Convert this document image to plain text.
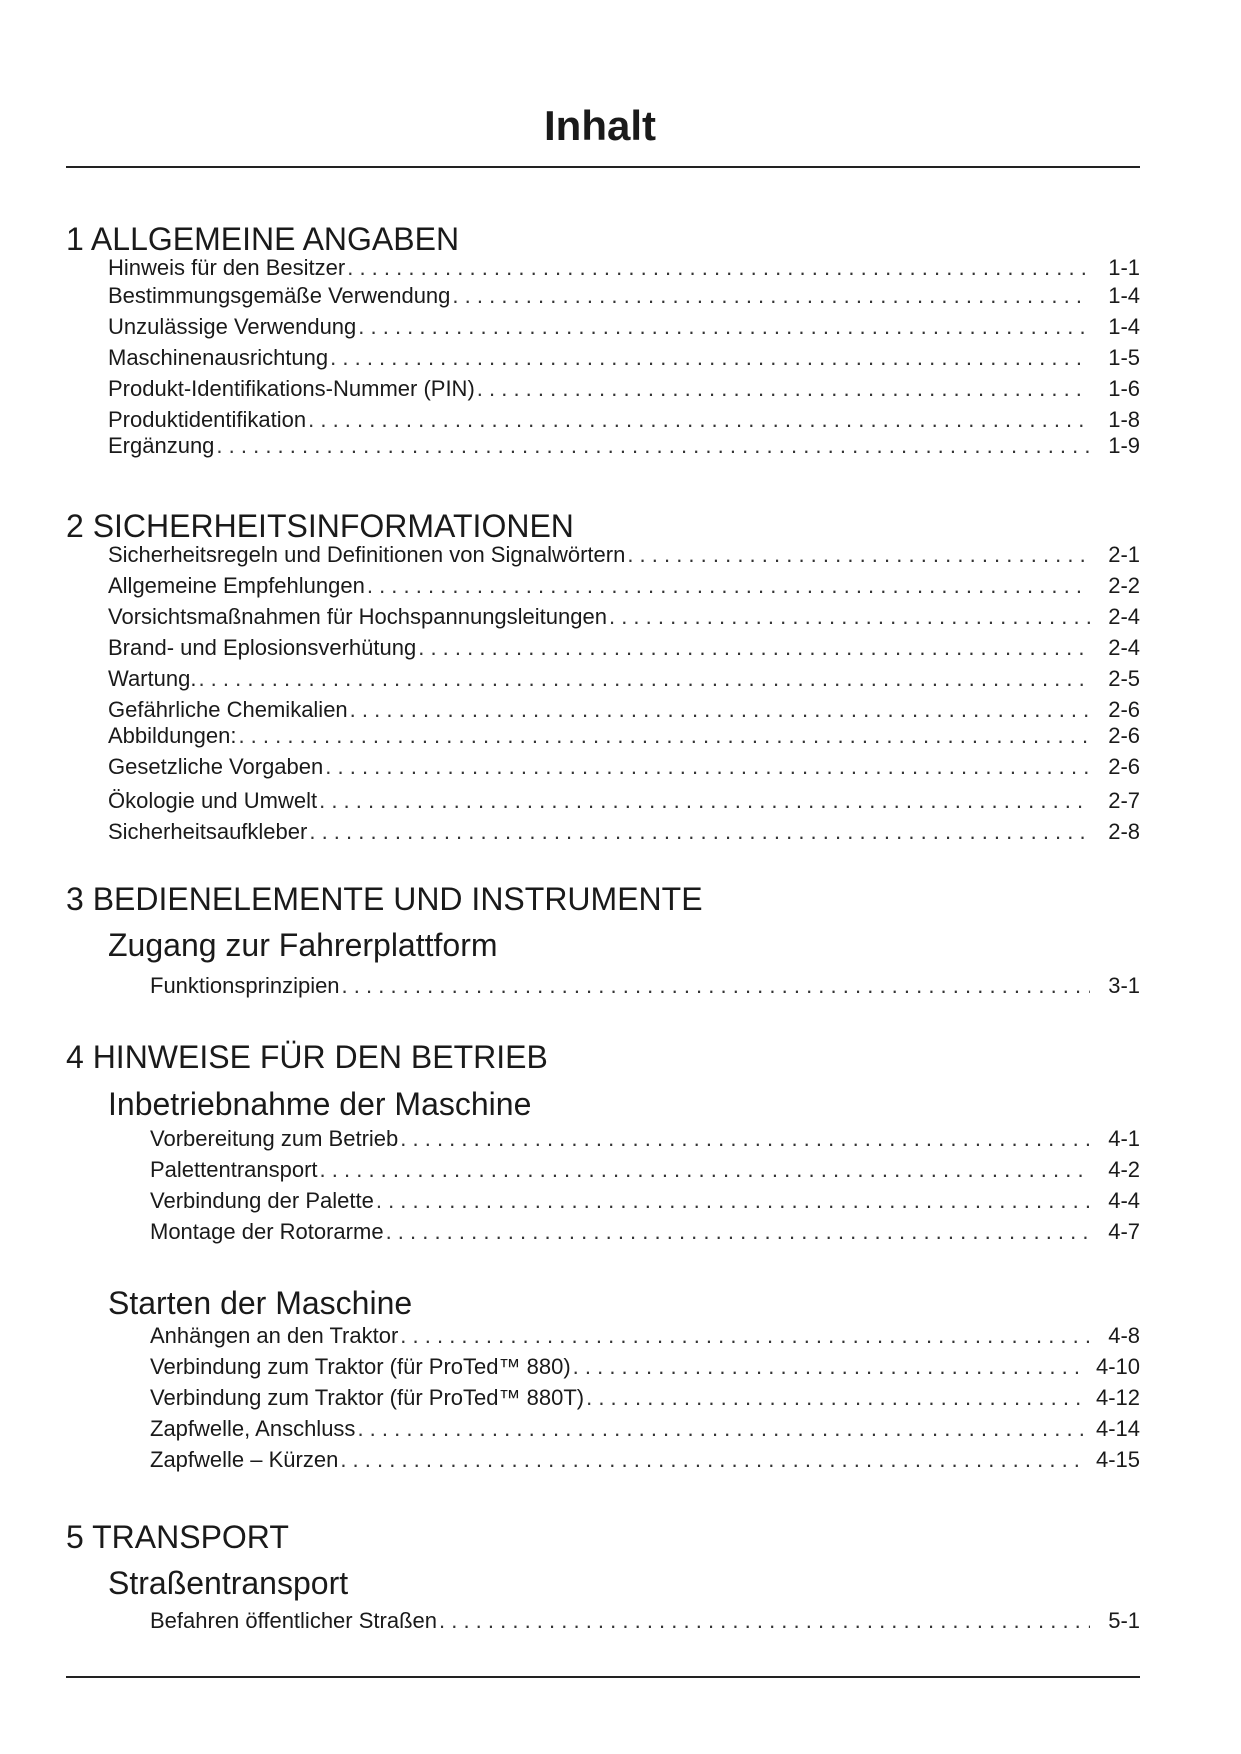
Inhalt
1 ALLGEMEINE ANGABEN
Hinweis für den Besitzer . . .	1-1
Bestimmungsgemäße Verwendung . . .	1-4
Unzulässige Verwendung . . .	1-4
Maschinenausrichtung . . .	1-5
Produkt-Identifikations-Nummer (PIN) . . .	1-6
Produktidentifikation . . .	1-8
Ergänzung . . .	1-9
2 SICHERHEITSINFORMATIONEN
Sicherheitsregeln und Definitionen von Signalwörtern . . .	2-1
Allgemeine Empfehlungen . . .	2-2
Vorsichtsmaßnahmen für Hochspannungsleitungen . . .	2-4
Brand- und Eplosionsverhütung . . .	2-4
Wartung. . . .	2-5
Gefährliche Chemikalien . . .	2-6
Abbildungen: . . .	2-6
Gesetzliche Vorgaben . . .	2-6
Ökologie und Umwelt . . .	2-7
Sicherheitsaufkleber . . .	2-8
3 BEDIENELEMENTE UND INSTRUMENTE
Zugang zur Fahrerplattform
Funktionsprinzipien . . .	3-1
4 HINWEISE FÜR DEN BETRIEB
Inbetriebnahme der Maschine
Vorbereitung zum Betrieb . . .	4-1
Palettentransport . . .	4-2
Verbindung der Palette . . .	4-4
Montage der Rotorarme . . .	4-7
Starten der Maschine
Anhängen an den Traktor . . .	4-8
Verbindung zum Traktor (für ProTed™ 880) . . .	4-10
Verbindung zum Traktor (für ProTed™ 880T) . . .	4-12
Zapfwelle, Anschluss . . .	4-14
Zapfwelle – Kürzen . . .	4-15
5 TRANSPORT
Straßentransport
Befahren öffentlicher Straßen . . .	5-1
